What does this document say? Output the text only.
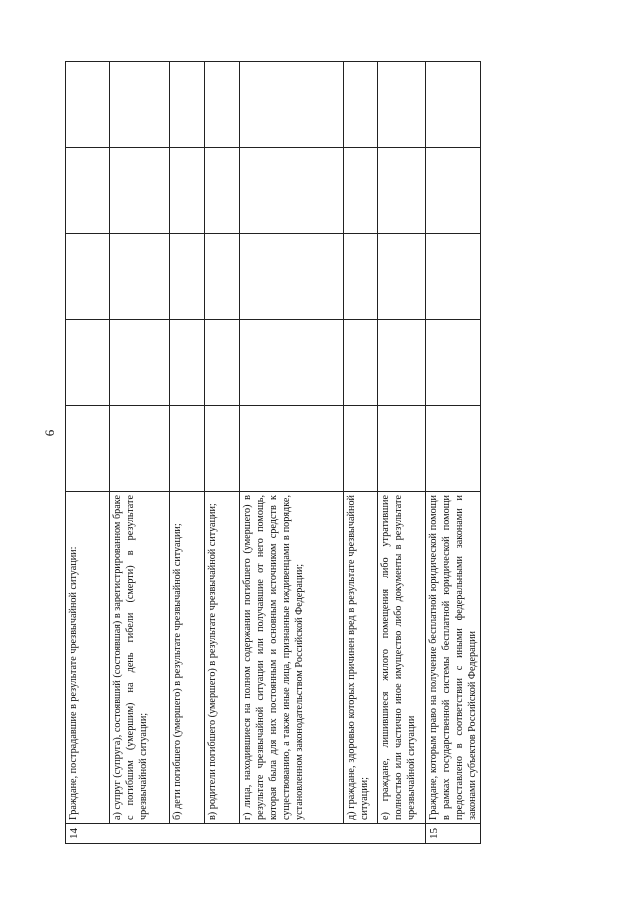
6
14	Граждане, пострадавшие в результате чрезвычайной ситуации:					
	а) супруг (супруга), состоявший (состоявшая) в зарегистрированном браке с погибшим (умершим) на день гибели (смерти) в результате чрезвычайной ситуации;					
	б) дети погибшего (умершего) в результате чрезвычайной ситуации;					
	в) родители погибшего (умершего) в результате чрезвычайной ситуации;					
	г) лица, находившиеся на полном содержании погибшего (умершего) в результате чрезвычайной ситуации или получавшие от него помощь, которая была для них постоянным и основным источником средств к существованию, а также иные лица, признанные иждивенцами в порядке, установленном законодательством Российской Федерации;					
	д) граждане, здоровью которых причинен вред в результате чрезвычайной ситуации;					
	е) граждане, лишившиеся жилого помещения либо утратившие полностью или частично иное имущество либо документы в результате чрезвычайной ситуации					
15	Граждане, которым право на получение бесплатной юридической помощи в рамках государственной системы бесплатной юридической помощи предоставлено в соответствии с иными федеральными законами и законами субъектов Российской Федерации					
